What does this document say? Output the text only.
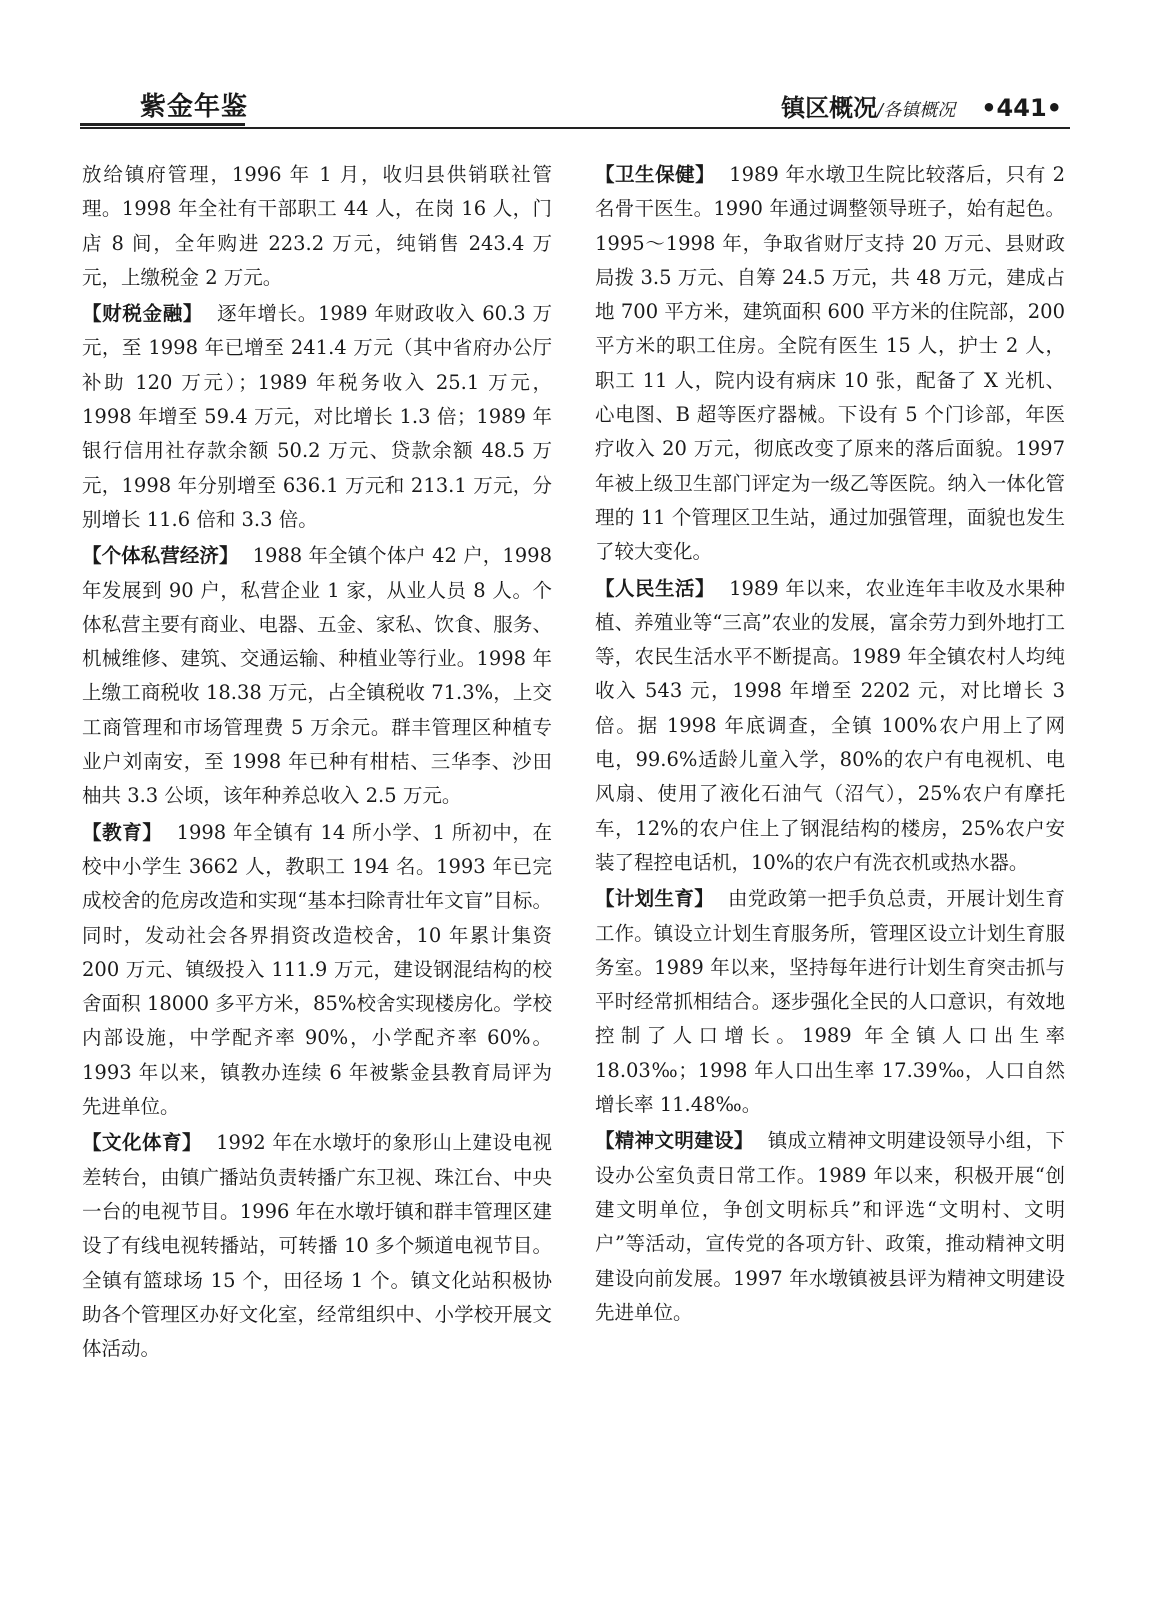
紫金年鉴	镇区概况/各镇概况 •441•

放给镇府管理，1996 年 1 月，收归县供销联社管理。1998 年全社有干部职工 44 人，在岗 16 人，门店 8 间，全年购进 223.2 万元，纯销售 243.4 万元，上缴税金 2 万元。

【财税金融】 逐年增长。1989 年财政收入 60.3 万元，至 1998 年已增至 241.4 万元（其中省府办公厅补助 120 万元）；1989 年税务收入 25.1 万元，1998 年增至 59.4 万元，对比增长 1.3 倍；1989 年银行信用社存款余额 50.2 万元、贷款余额 48.5 万元，1998 年分别增至 636.1 万元和 213.1 万元，分别增长 11.6 倍和 3.3 倍。

【个体私营经济】 1988 年全镇个体户 42 户，1998 年发展到 90 户，私营企业 1 家，从业人员 8 人。个体私营主要有商业、电器、五金、家私、饮食、服务、机械维修、建筑、交通运输、种植业等行业。1998 年上缴工商税收 18.38 万元，占全镇税收 71.3%，上交工商管理和市场管理费 5 万余元。群丰管理区种植专业户刘南安，至 1998 年已种有柑桔、三华李、沙田柚共 3.3 公顷，该年种养总收入 2.5 万元。

【教育】 1998 年全镇有 14 所小学、1 所初中，在校中小学生 3662 人，教职工 194 名。1993 年已完成校舍的危房改造和实现“基本扫除青壮年文盲”目标。同时，发动社会各界捐资改造校舍，10 年累计集资 200 万元、镇级投入 111.9 万元，建设钢混结构的校舍面积 18000 多平方米，85%校舍实现楼房化。学校内部设施，中学配齐率 90%，小学配齐率 60%。1993 年以来，镇教办连续 6 年被紫金县教育局评为先进单位。

【文化体育】 1992 年在水墩圩的象形山上建设电视差转台，由镇广播站负责转播广东卫视、珠江台、中央一台的电视节目。1996 年在水墩圩镇和群丰管理区建设了有线电视转播站，可转播 10 多个频道电视节目。全镇有篮球场 15 个，田径场 1 个。镇文化站积极协助各个管理区办好文化室，经常组织中、小学校开展文体活动。

【卫生保健】 1989 年水墩卫生院比较落后，只有 2 名骨干医生。1990 年通过调整领导班子，始有起色。1995～1998 年，争取省财厅支持 20 万元、县财政局拨 3.5 万元、自筹 24.5 万元，共 48 万元，建成占地 700 平方米，建筑面积 600 平方米的住院部，200 平方米的职工住房。全院有医生 15 人，护士 2 人，职工 11 人，院内设有病床 10 张，配备了 X 光机、心电图、B 超等医疗器械。下设有 5 个门诊部，年医疗收入 20 万元，彻底改变了原来的落后面貌。1997 年被上级卫生部门评定为一级乙等医院。纳入一体化管理的 11 个管理区卫生站，通过加强管理，面貌也发生了较大变化。

【人民生活】 1989 年以来，农业连年丰收及水果种植、养殖业等“三高”农业的发展，富余劳力到外地打工等，农民生活水平不断提高。1989 年全镇农村人均纯收入 543 元，1998 年增至 2202 元，对比增长 3 倍。据 1998 年底调查，全镇 100%农户用上了网电，99.6%适龄儿童入学，80%的农户有电视机、电风扇、使用了液化石油气（沼气），25%农户有摩托车，12%的农户住上了钢混结构的楼房，25%农户安装了程控电话机，10%的农户有洗衣机或热水器。

【计划生育】 由党政第一把手负总责，开展计划生育工作。镇设立计划生育服务所，管理区设立计划生育服务室。1989 年以来，坚持每年进行计划生育突击抓与平时经常抓相结合。逐步强化全民的人口意识，有效地控制了人口增长。1989 年全镇人口出生率 18.03‰；1998 年人口出生率 17.39‰，人口自然增长率 11.48‰。

【精神文明建设】 镇成立精神文明建设领导小组，下设办公室负责日常工作。1989 年以来，积极开展“创建文明单位，争创文明标兵”和评选“文明村、文明户”等活动，宣传党的各项方针、政策，推动精神文明建设向前发展。1997 年水墩镇被县评为精神文明建设先进单位。
